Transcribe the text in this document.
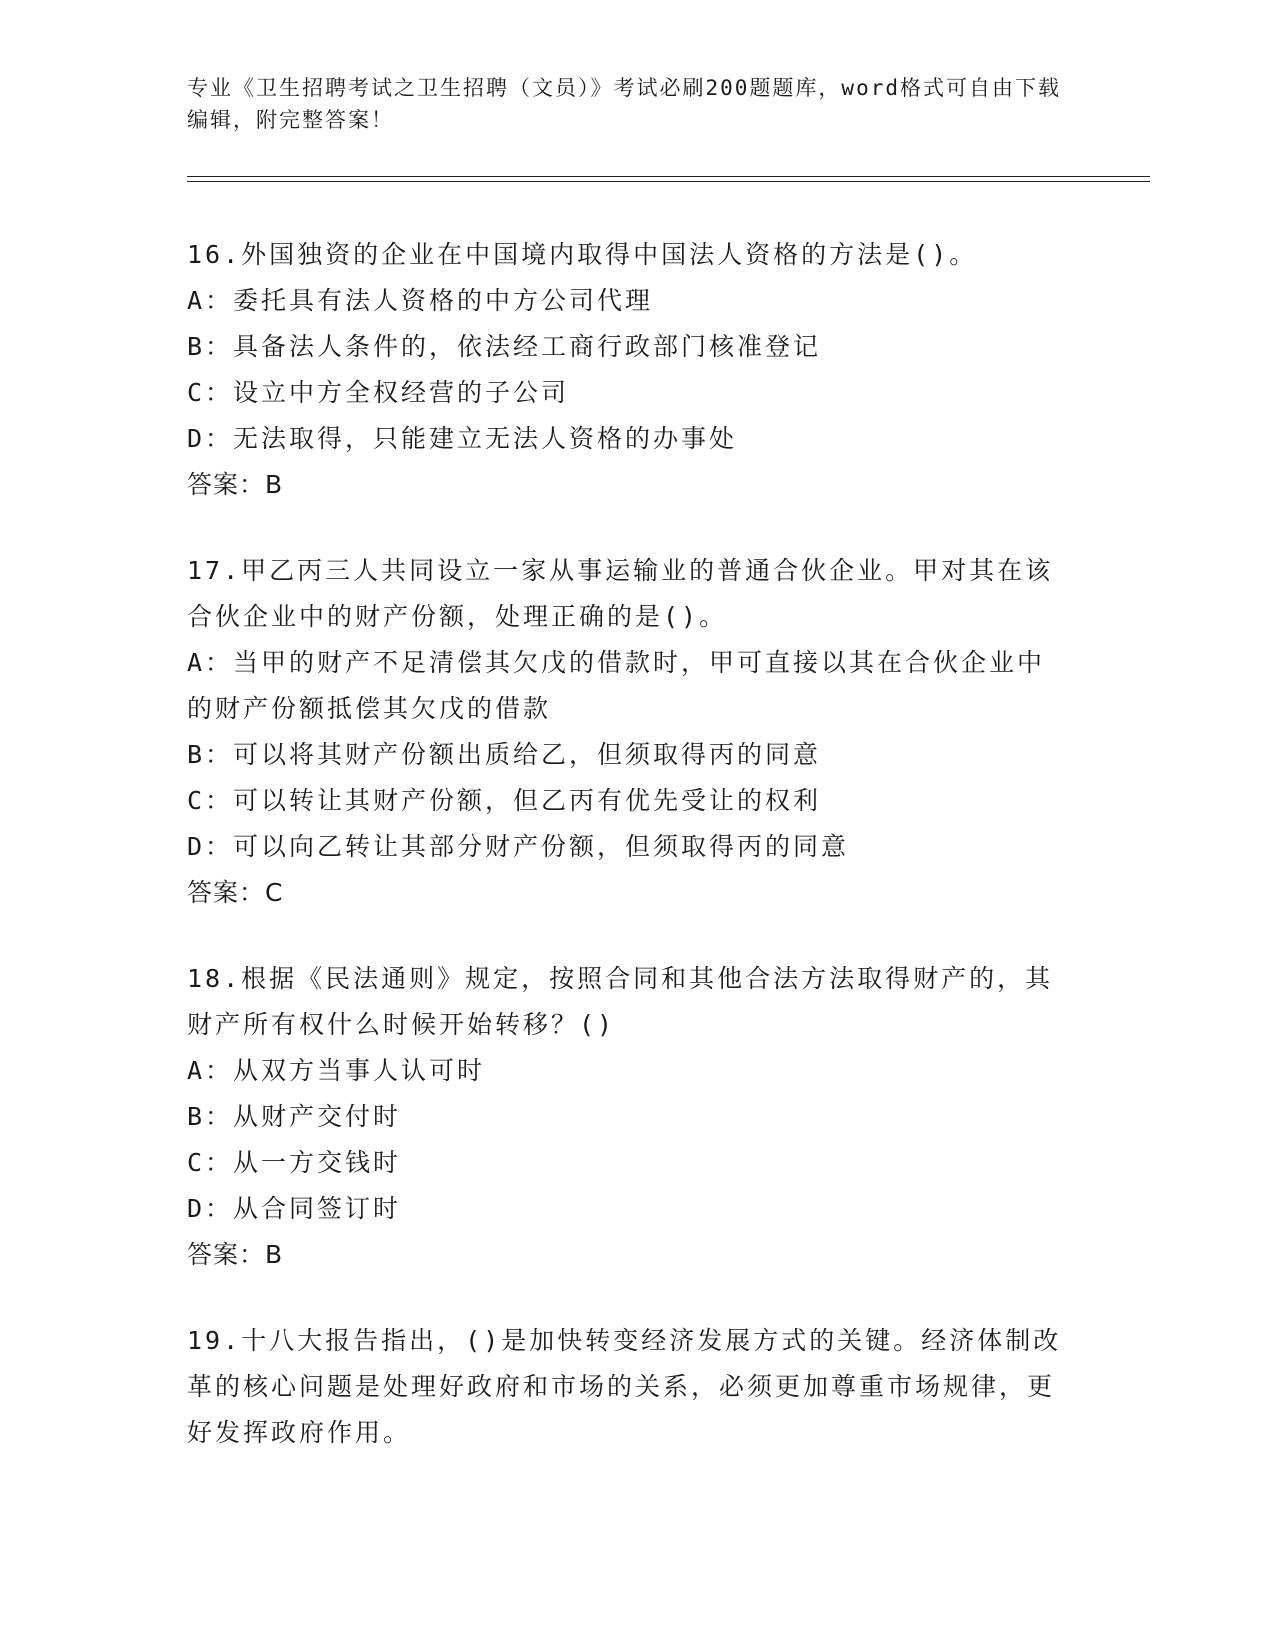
专业《卫生招聘考试之卫生招聘（文员）》考试必刷200题题库，word格式可自由下载编辑，附完整答案！

16.外国独资的企业在中国境内取得中国法人资格的方法是()。

A：委托具有法人资格的中方公司代理

B：具备法人条件的，依法经工商行政部门核准登记

C：设立中方全权经营的子公司

D：无法取得，只能建立无法人资格的办事处

答案：B

17.甲乙丙三人共同设立一家从事运输业的普通合伙企业。甲对其在该合伙企业中的财产份额，处理正确的是()。

A：当甲的财产不足清偿其欠戊的借款时，甲可直接以其在合伙企业中的财产份额抵偿其欠戊的借款

B：可以将其财产份额出质给乙，但须取得丙的同意

C：可以转让其财产份额，但乙丙有优先受让的权利

D：可以向乙转让其部分财产份额，但须取得丙的同意

答案：C

18.根据《民法通则》规定，按照合同和其他合法方法取得财产的，其财产所有权什么时候开始转移？()

A：从双方当事人认可时

B：从财产交付时

C：从一方交钱时

D：从合同签订时

答案：B

19.十八大报告指出，()是加快转变经济发展方式的关键。经济体制改革的核心问题是处理好政府和市场的关系，必须更加尊重市场规律，更好发挥政府作用。
